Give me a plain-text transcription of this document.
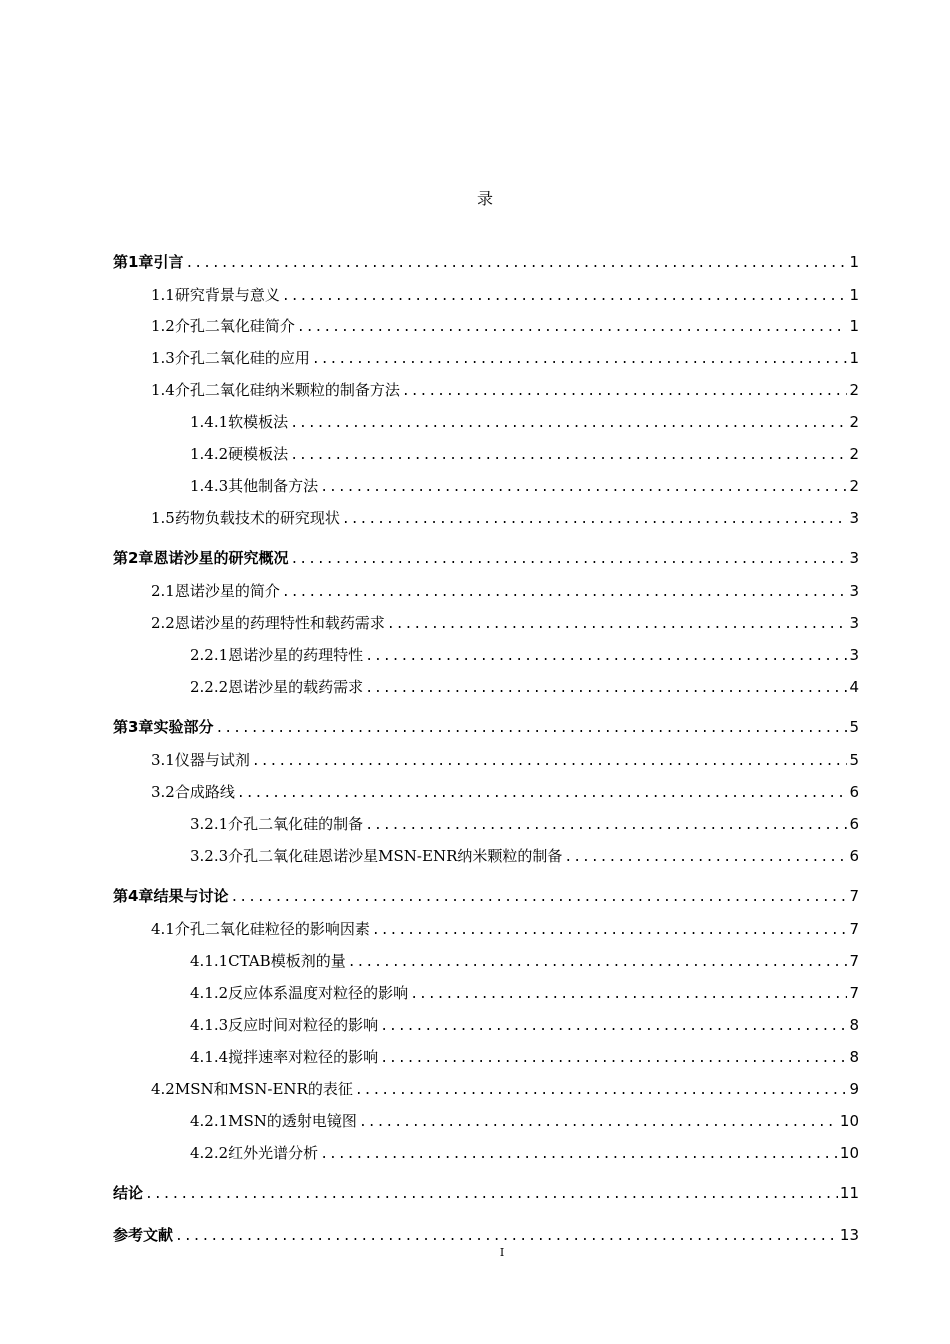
录
第1章 引言 .....	1
1.1 研究背景与意义 .....	1
1.2 介孔二氧化硅简介 .....	1
1.3 介孔二氧化硅的应用 .....	1
1.4 介孔二氧化硅纳米颗粒的制备方法 .....	2
1.4.1 软模板法 .....	2
1.4.2 硬模板法 .....	2
1.4.3 其他制备方法 .....	2
1.5 药物负载技术的研究现状 .....	3
第2章 恩诺沙星的研究概况 .....	3
2.1 恩诺沙星的简介 .....	3
2.2 恩诺沙星的药理特性和载药需求 .....	3
2.2.1 恩诺沙星的药理特性 .....	3
2.2.2 恩诺沙星的载药需求 .....	4
第3章 实验部分 .....	5
3.1 仪器与试剂 .....	5
3.2 合成路线 .....	6
3.2.1 介孔二氧化硅的制备 .....	6
3.2.3 介孔二氧化硅恩诺沙星MSN-ENR纳米颗粒的制备 .....	6
第4章 结果与讨论 .....	7
4.1 介孔二氧化硅粒径的影响因素 .....	7
4.1.1 CTAB模板剂的量 .....	7
4.1.2 反应体系温度对粒径的影响 .....	7
4.1.3 反应时间对粒径的影响 .....	8
4.1.4 搅拌速率对粒径的影响 .....	8
4.2 MSN和MSN-ENR的表征 .....	9
4.2.1 MSN的透射电镜图 .....	10
4.2.2 红外光谱分析 .....	10
结论 .....	11
参考文献 .....	13
I
